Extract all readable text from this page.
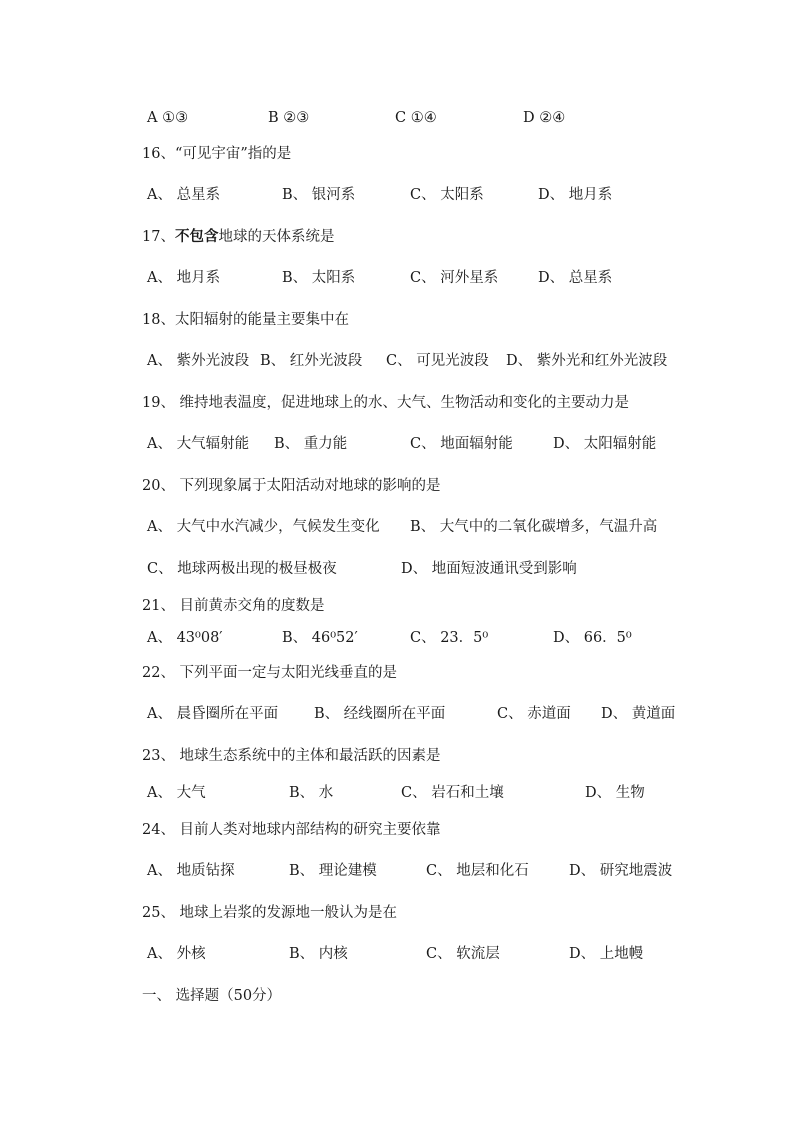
A ①③	B ②③	C ①④	D ②④
16、“可见宇宙”指的是
A、 总星系	B、 银河系	C、 太阳系	D、 地月系
17、不包含地球的天体系统是
A、 地月系	B、 太阳系	C、 河外星系	D、 总星系
18、太阳辐射的能量主要集中在
A、 紫外光波段 B、 红外光波段 C、 可见光波段 D、 紫外光和红外光波段
19、 维持地表温度，促进地球上的水、大气、生物活动和变化的主要动力是
A、 大气辐射能 B、 重力能	C、 地面辐射能	D、 太阳辐射能
20、 下列现象属于太阳活动对地球的影响的是
A、 大气中水汽减少，气候发生变化 B、 大气中的二氧化碳增多，气温升高
C、 地球两极出现的极昼极夜	D、 地面短波通讯受到影响
21、 目前黄赤交角的度数是
A、 43⁰08′	B、 46⁰52′	C、 23．5⁰	D、 66．5⁰
22、 下列平面一定与太阳光线垂直的是
A、 晨昏圈所在平面 B、 经线圈所在平面	C、 赤道面 D、 黄道面
23、 地球生态系统中的主体和最活跃的因素是
A、 大气	B、 水	C、 岩石和土壤	D、 生物
24、 目前人类对地球内部结构的研究主要依靠
A、 地质钻探	B、 理论建模	C、 地层和化石	D、 研究地震波
25、 地球上岩浆的发源地一般认为是在
A、 外核	B、 内核	C、 软流层	D、 上地幔
一、 选择题（50分）
